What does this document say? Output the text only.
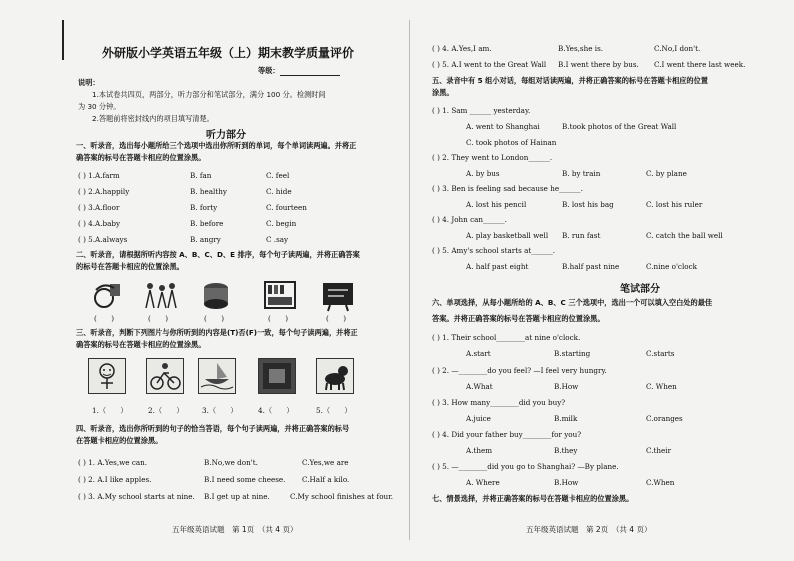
外研版小学英语五年级（上）期末教学质量评价
等级：
说明：
1.本试卷共四页，两部分，听力部分和笔试部分，满分 100 分。检测时间
为 30 分钟。
2.答题前将密封线内的项目填写清楚。
听力部分
一、听录音，选出每小题所给三个选项中选出你所听到的单词，每个单词读两遍。并将正
确答案的标号在答题卡相应的位置涂黑。
( ) 1.A.farm	B. fan	C. feel
( ) 2.A.happily	B. healthy	C. hide
( ) 3.A.floor	B. forty	C. fourteen
( ) 4.A.baby	B. before	C. begin
( ) 5.A.always	B. angry	C .say
二、听录音，请根据所听内容按 A、B、C、D、E 排序，每个句子读两遍，并将正确答案
的标号在答题卡相应的位置涂黑。
(　　 )	(　　 )	(　　 )	(　　 )	(　　 )
三、听录音，判断下列图片与你所听到的内容是(T)否(F)一致，每个句子读两遍，并将正
确答案的标号在答题卡相应的位置涂黑。
1.（　　）	2.（　　）	3.（　　）	4.（　　）	5.（　　）
四、听录音，选出你所听到的句子的恰当答语，每个句子读两遍，并将正确答案的标号
在答题卡相应的位置涂黑。
( ) 1. A.Yes,we can.	B.No,we don't.	C.Yes,we are
( ) 2. A.I like apples.	B.I need some cheese. C.Half a kilo.
( ) 3. A.My school starts at nine. B.I get up at nine.	C.My school finishes at four.
五年级英语试题　第 1页　（共 4 页）
( ) 4. A.Yes,I am.	B.Yes,she is.	C.No,I don't.
( ) 5. A.I went to the Great Wall B.I went there by bus. C.I went there last week.
五、录音中有 5 组小对话，每组对话读两遍，并将正确答案的标号在答题卡相应的位置
涂黑。
( ) 1. Sam ______ yesterday.
A. went to Shanghai	B.took photos of the Great Wall
C. took photos of Hainan
( ) 2. They went to London______.
A. by bus	B. by train	C. by plane
( ) 3. Ben is feeling sad because he______.
A. lost his pencil	B. lost his bag	C. lost his ruler
( ) 4. John can______.
A. play basketball well B. run fast	C. catch the ball well
( ) 5. Amy's school starts at______.
A. half past eight	B.half past nine	C.nine o'clock
笔试部分
六、单项选择，从每小题所给的 A、B、C 三个选项中，选出一个可以填入空白处的最佳
答案。并将正确答案的标号在答题卡相应的位置涂黑。
( ) 1. Their school________at nine o'clock.
A.start	B.starting	C.starts
( ) 2. —________do you feel? —I feel very hungry.
A.What	B.How	C. When
( ) 3. How many________did you buy?
A.juice	B.milk	C.oranges
( ) 4. Did your father buy________for you?
A.them	B.they	C.their
( ) 5. —________did you go to Shanghai? —By plane.
A. Where	B.How	C.When
七、情景选择，并将正确答案的标号在答题卡相应的位置涂黑。
五年级英语试题　第 2页　（共 4 页）
